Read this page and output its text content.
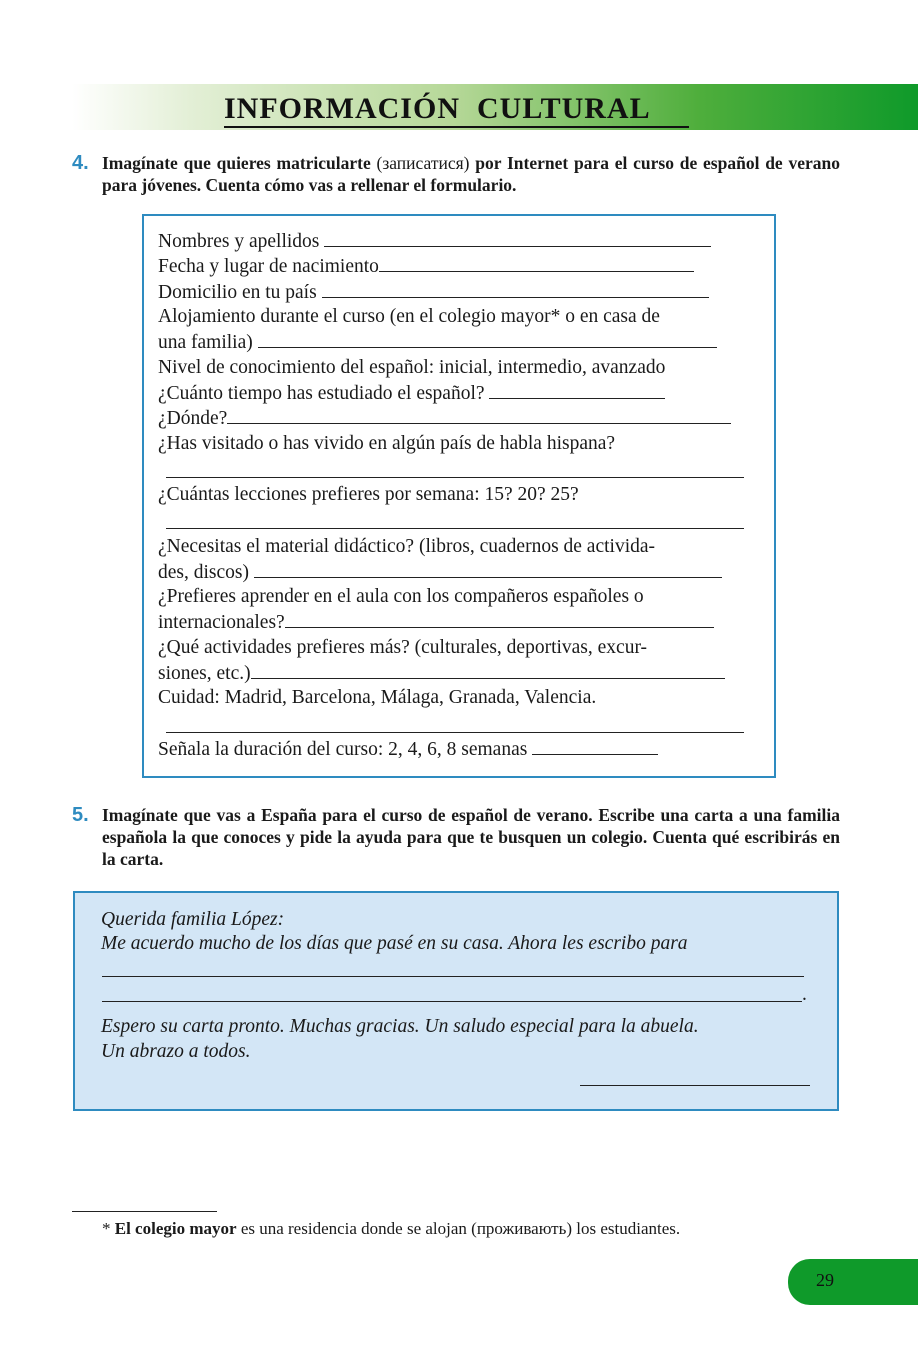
INFORMACIÓN  CULTURAL
4. Imagínate que quieres matricularte (записатися) por Internet para el curso de español de verano para jóvenes. Cuenta cómo vas a rellenar el formulario.
Nombres y apellidos
Fecha y lugar de nacimiento
Domicilio en tu país
Alojamiento durante el curso (en el colegio mayor* o en casa de
una familia)
Nivel de conocimiento del español: inicial, intermedio, avanzado
¿Cuánto tiempo has estudiado el español?
¿Dónde?
¿Has visitado o has vivido en algún país de habla hispana?
¿Cuántas lecciones prefieres por semana: 15? 20? 25?
¿Necesitas el material didáctico? (libros, cuadernos de activida-
des, discos)
¿Prefieres aprender en el aula con los compañeros españoles o
internacionales?
¿Qué actividades prefieres más? (culturales, deportivas, excur-
siones, etc.)
Cuidad: Madrid, Barcelona, Málaga, Granada, Valencia.
Señala la duración del curso: 2, 4, 6, 8 semanas
5. Imagínate que vas a España para el curso de español de verano. Escribe una carta a una familia española la que conoces y pide la ayuda para que te busquen un colegio. Cuenta qué escribirás en la carta.
Querida familia López:
Me acuerdo mucho de los días que pasé en su casa. Ahora les escribo para
.
Espero su carta pronto. Muchas gracias. Un saludo especial para la abuela.
Un abrazo a todos.
* El colegio mayor es una residencia donde se alojan (проживають) los estudiantes.
29
